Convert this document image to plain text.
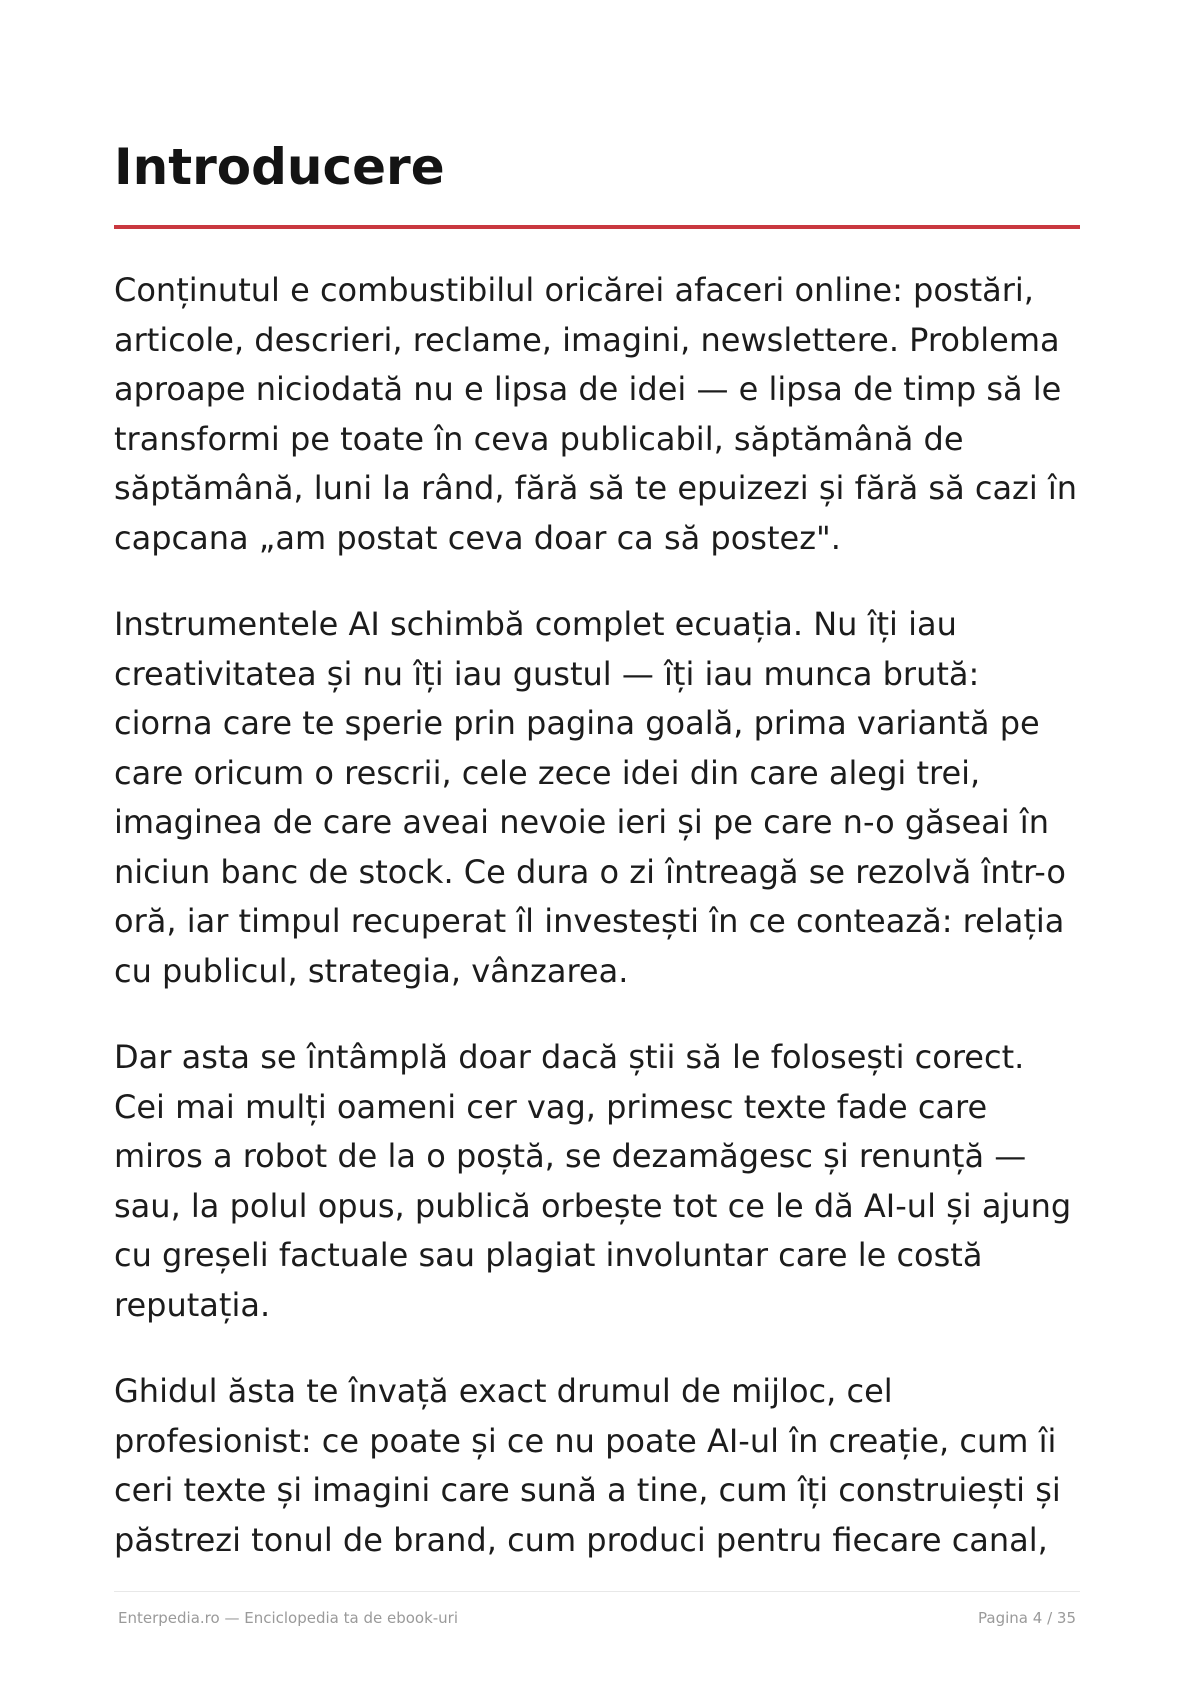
Introducere

Conținutul e combustibilul oricărei afaceri online: postări,
articole, descrieri, reclame, imagini, newslettere. Problema
aproape niciodată nu e lipsa de idei — e lipsa de timp să le
transformi pe toate în ceva publicabil, săptămână de
săptămână, luni la rând, fără să te epuizezi și fără să cazi în
capcana „am postat ceva doar ca să postez".

Instrumentele AI schimbă complet ecuația. Nu îți iau
creativitatea și nu îți iau gustul — îți iau munca brută:
ciorna care te sperie prin pagina goală, prima variantă pe
care oricum o rescrii, cele zece idei din care alegi trei,
imaginea de care aveai nevoie ieri și pe care n-o găseai în
niciun banc de stock. Ce dura o zi întreagă se rezolvă într-o
oră, iar timpul recuperat îl investești în ce contează: relația
cu publicul, strategia, vânzarea.

Dar asta se întâmplă doar dacă știi să le folosești corect.
Cei mai mulți oameni cer vag, primesc texte fade care
miros a robot de la o poștă, se dezamăgesc și renunță —
sau, la polul opus, publică orbește tot ce le dă AI-ul și ajung
cu greșeli factuale sau plagiat involuntar care le costă
reputația.

Ghidul ăsta te învață exact drumul de mijloc, cel
profesionist: ce poate și ce nu poate AI-ul în creație, cum îi
ceri texte și imagini care sună a tine, cum îți construiești și
păstrezi tonul de brand, cum produci pentru fiecare canal,

Enterpedia.ro — Enciclopedia ta de ebook-uri	Pagina 4 / 35
